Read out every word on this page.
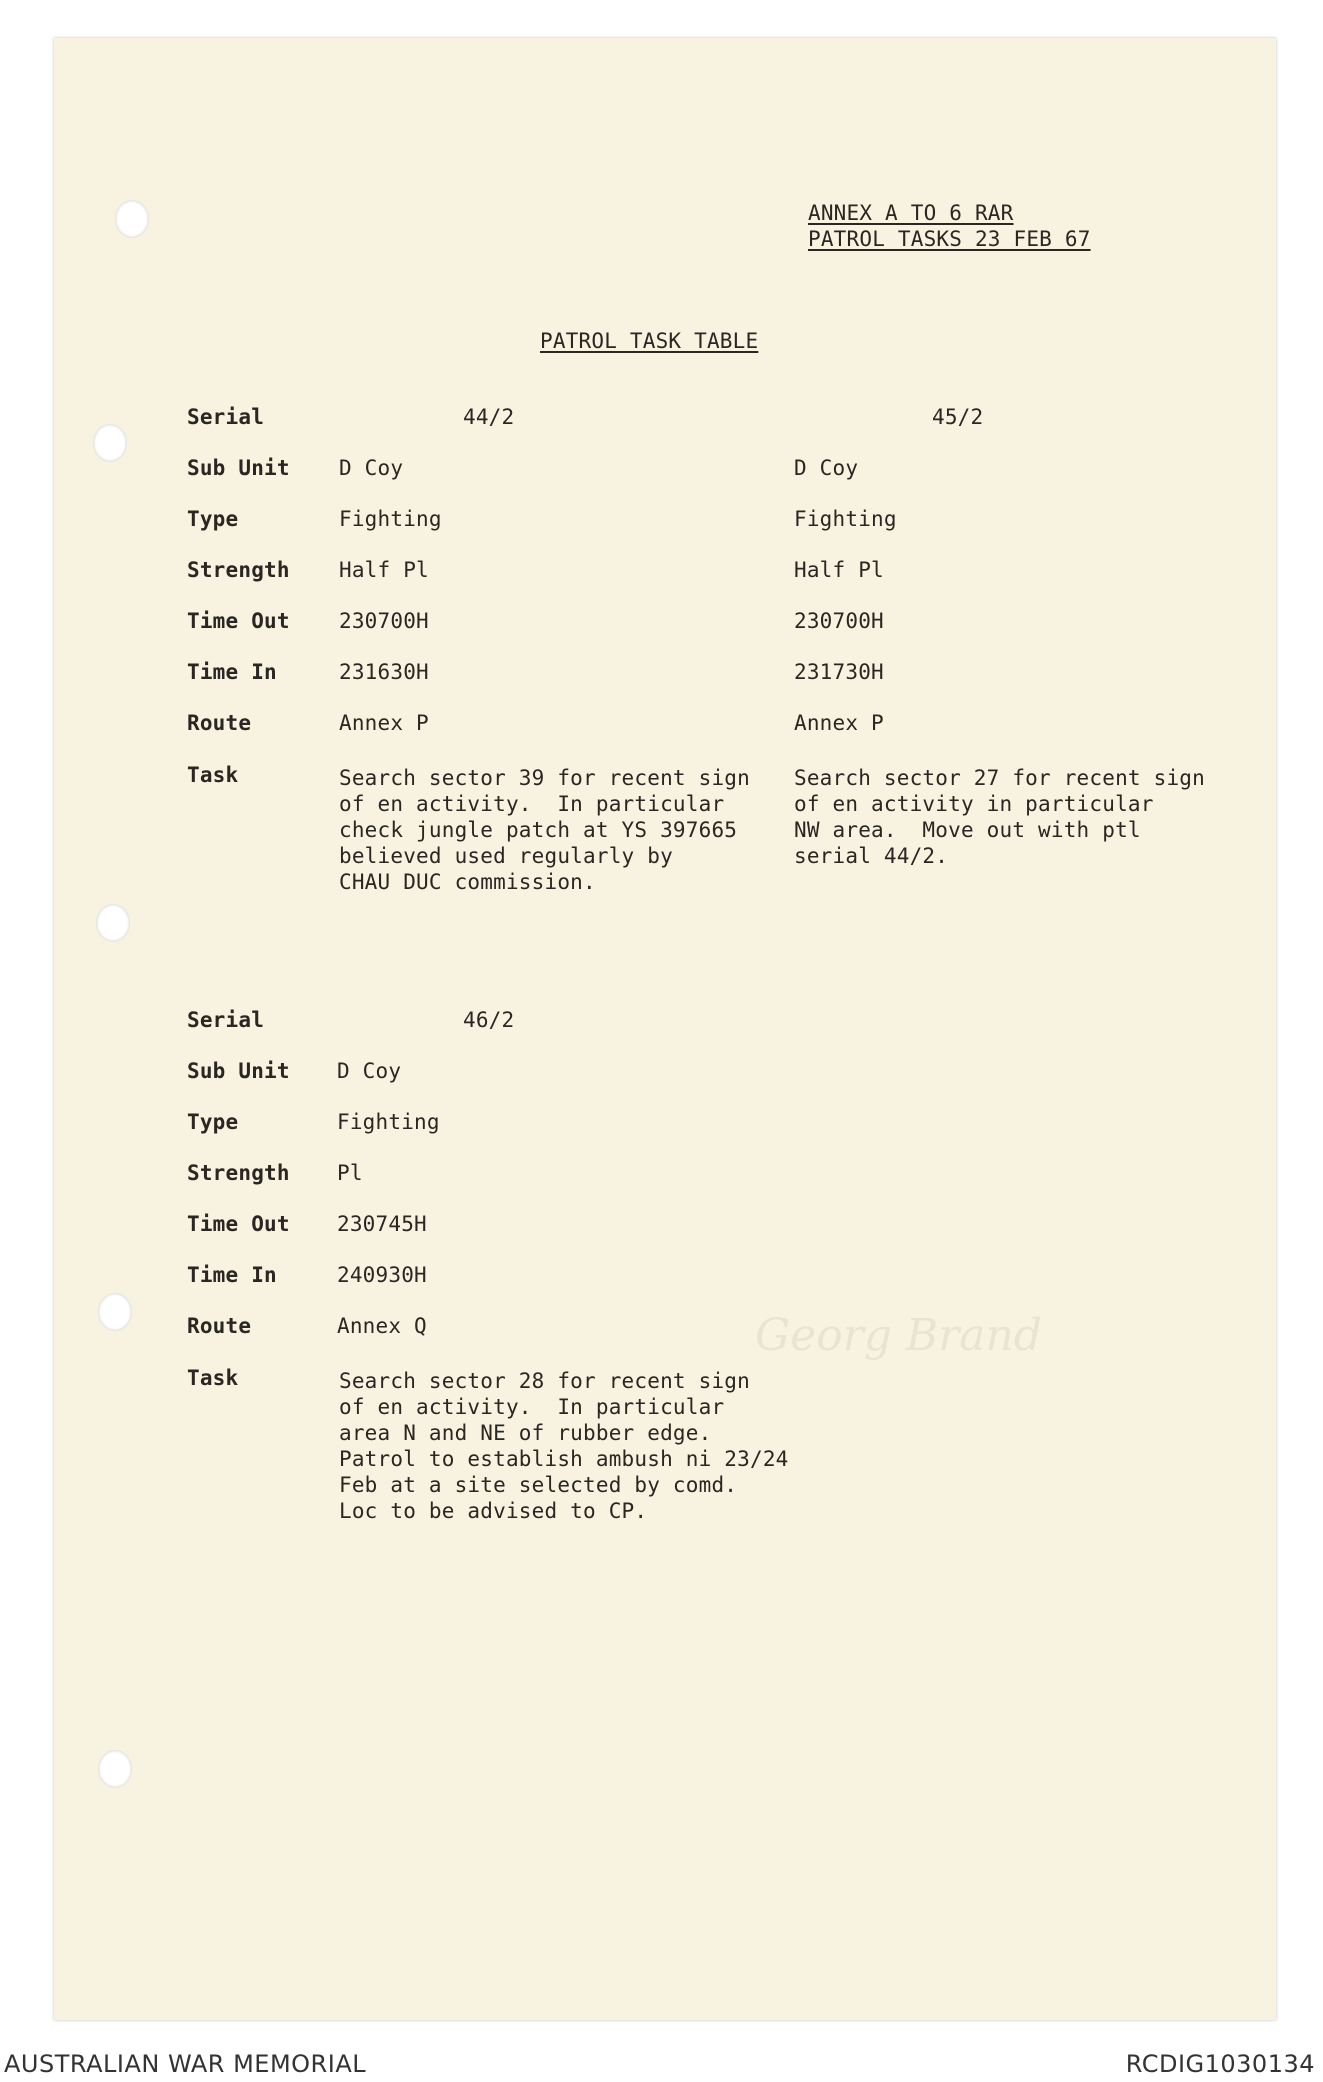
Georg Brand
ANNEX A TO 6 RAR
PATROL TASKS 23 FEB 67
PATROL TASK TABLE
Serial
Sub Unit
Type
Strength
Time Out
Time In
Route
Task
44/2
D Coy
Fighting
Half Pl
230700H
231630H
Annex P
Search sector 39 for recent sign
of en activity.  In particular
check jungle patch at YS 397665
believed used regularly by
CHAU DUC commission.
45/2
D Coy
Fighting
Half Pl
230700H
231730H
Annex P
Search sector 27 for recent sign
of en activity in particular
NW area.  Move out with ptl
serial 44/2.
Serial
Sub Unit
Type
Strength
Time Out
Time In
Route
Task
46/2
D Coy
Fighting
Pl
230745H
240930H
Annex Q
Search sector 28 for recent sign
of en activity.  In particular
area N and NE of rubber edge.
Patrol to establish ambush ni 23/24
Feb at a site selected by comd.
Loc to be advised to CP.
AUSTRALIAN WAR MEMORIAL	RCDIG1030134
